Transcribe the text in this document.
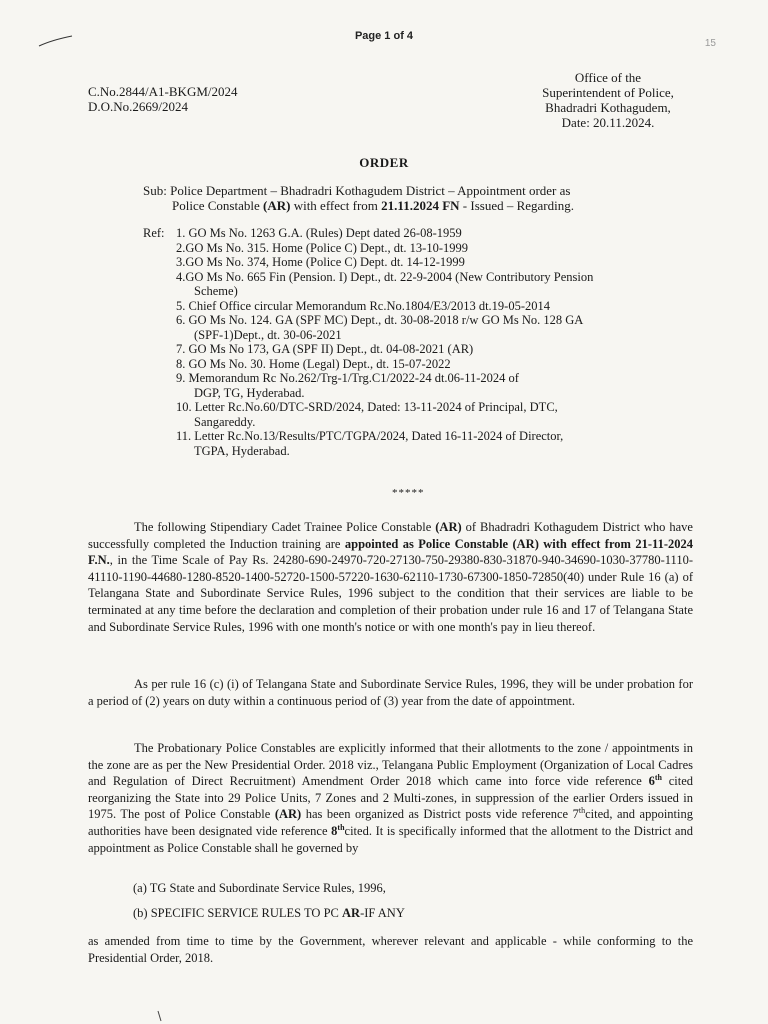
Page 1 of 4
15
C.No.2844/A1-BKGM/2024
D.O.No.2669/2024
Office of the
Superintendent of Police,
Bhadradri Kothagudem,
Date: 20.11.2024.
ORDER
Sub: Police Department – Bhadradri Kothagudem District – Appointment order as
Police Constable (AR) with effect from 21.11.2024 FN - Issued – Regarding.
Ref: 1. GO Ms No. 1263 G.A. (Rules) Dept dated 26-08-1959
2.GO Ms No. 315. Home (Police C) Dept., dt. 13-10-1999
3.GO Ms No. 374, Home (Police C) Dept. dt. 14-12-1999
4.GO Ms No. 665 Fin (Pension. I) Dept., dt. 22-9-2004 (New Contributory Pension
Scheme)
5. Chief Office circular Memorandum Rc.No.1804/E3/2013 dt.19-05-2014
6. GO Ms No. 124. GA (SPF MC) Dept., dt. 30-08-2018 r/w GO Ms No. 128 GA
(SPF-1)Dept., dt. 30-06-2021
7. GO Ms No 173, GA (SPF II) Dept., dt. 04-08-2021 (AR)
8. GO Ms No. 30. Home (Legal) Dept., dt. 15-07-2022
9. Memorandum Rc No.262/Trg-1/Trg.C1/2022-24 dt.06-11-2024 of
DGP, TG, Hyderabad.
10. Letter Rc.No.60/DTC-SRD/2024, Dated: 13-11-2024 of Principal, DTC,
Sangareddy.
11. Letter Rc.No.13/Results/PTC/TGPA/2024, Dated 16-11-2024 of Director,
TGPA, Hyderabad.
*****
The following Stipendiary Cadet Trainee Police Constable (AR) of Bhadradri Kothagudem District who have successfully completed the Induction training are appointed as Police Constable (AR) with effect from 21-11-2024 F.N., in the Time Scale of Pay Rs. 24280-690-24970-720-27130-750-29380-830-31870-940-34690-1030-37780-1110- 41110-1190-44680-1280-8520-1400-52720-1500-57220-1630-62110-1730-67300-1850-72850(40) under Rule 16 (a) of Telangana State and Subordinate Service Rules, 1996 subject to the condition that their services are liable to be terminated at any time before the declaration and completion of their probation under rule 16 and 17 of Telangana State and Subordinate Service Rules, 1996 with one month's notice or with one month's pay in lieu thereof.
As per rule 16 (c) (i) of Telangana State and Subordinate Service Rules, 1996, they will be under probation for a period of (2) years on duty within a continuous period of (3) year from the date of appointment.
The Probationary Police Constables are explicitly informed that their allotments to the zone / appointments in the zone are as per the New Presidential Order. 2018 viz., Telangana Public Employment (Organization of Local Cadres and Regulation of Direct Recruitment) Amendment Order 2018 which came into force vide reference 6th cited reorganizing the State into 29 Police Units, 7 Zones and 2 Multi-zones, in suppression of the earlier Orders issued in 1975. The post of Police Constable (AR) has been organized as District posts vide reference 7thcited, and appointing authorities have been designated vide reference 8thcited. It is specifically informed that the allotment to the District and appointment as Police Constable shall he governed by
(a) TG State and Subordinate Service Rules, 1996,
(b) SPECIFIC SERVICE RULES TO PC AR-IF ANY
as amended from time to time by the Government, wherever relevant and applicable - while conforming to the Presidential Order, 2018.
